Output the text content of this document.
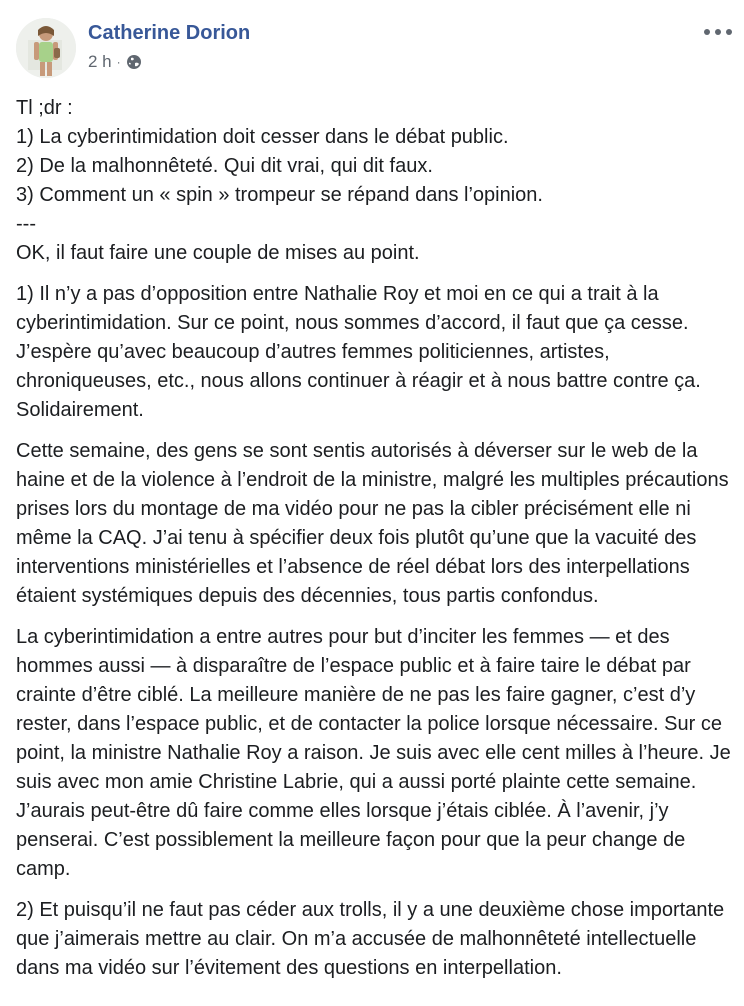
Catherine Dorion
2 h ·

Tl ;dr :

1) La cyberintimidation doit cesser dans le débat public.

2) De la malhonnêteté. Qui dit vrai, qui dit faux.

3) Comment un « spin » trompeur se répand dans l’opinion.

---

OK, il faut faire une couple de mises au point.

1) Il n’y a pas d’opposition entre Nathalie Roy et moi en ce qui a trait à la cyberintimidation. Sur ce point, nous sommes d’accord, il faut que ça cesse. J’espère qu’avec beaucoup d’autres femmes politiciennes, artistes, chroniqueuses, etc., nous allons continuer à réagir et à nous battre contre ça. Solidairement.

Cette semaine, des gens se sont sentis autorisés à déverser sur le web de la haine et de la violence à l’endroit de la ministre, malgré les multiples précautions prises lors du montage de ma vidéo pour ne pas la cibler précisément elle ni même la CAQ. J’ai tenu à spécifier deux fois plutôt qu’une que la vacuité des interventions ministérielles et l’absence de réel débat lors des interpellations étaient systémiques depuis des décennies, tous partis confondus.

La cyberintimidation a entre autres pour but d’inciter les femmes — et des hommes aussi — à disparaître de l’espace public et à faire taire le débat par crainte d’être ciblé. La meilleure manière de ne pas les faire gagner, c’est d’y rester, dans l’espace public, et de contacter la police lorsque nécessaire. Sur ce point, la ministre Nathalie Roy a raison. Je suis avec elle cent milles à l’heure. Je suis avec mon amie Christine Labrie, qui a aussi porté plainte cette semaine. J’aurais peut-être dû faire comme elles lorsque j’étais ciblée. À l’avenir, j’y penserai. C’est possiblement la meilleure façon pour que la peur change de camp.

2) Et puisqu’il ne faut pas céder aux trolls, il y a une deuxième chose importante que j’aimerais mettre au clair. On m’a accusée de malhonnêteté intellectuelle dans ma vidéo sur l’évitement des questions en interpellation.
